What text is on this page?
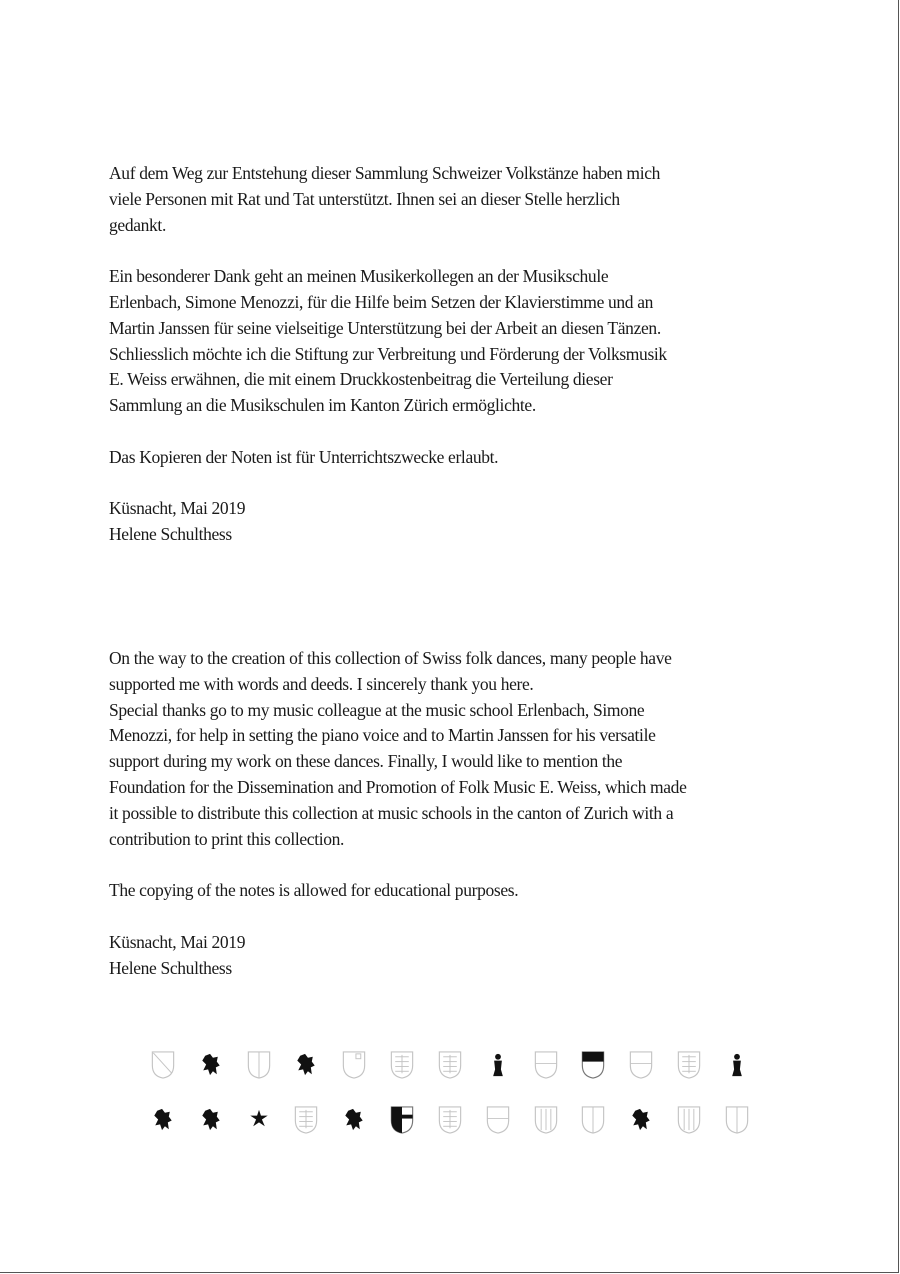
Auf dem Weg zur Entstehung dieser Sammlung Schweizer Volkstänze haben mich
viele Personen mit Rat und Tat unterstützt. Ihnen sei an dieser Stelle herzlich
gedankt.

Ein besonderer Dank geht an meinen Musikerkollegen an der Musikschule
Erlenbach, Simone Menozzi, für die Hilfe beim Setzen der Klavierstimme und an
Martin Janssen für seine vielseitige Unterstützung bei der Arbeit an diesen Tänzen.
Schliesslich möchte ich die Stiftung zur Verbreitung und Förderung der Volksmusik
E. Weiss erwähnen, die mit einem Druckkostenbeitrag die Verteilung dieser
Sammlung an die Musikschulen im Kanton Zürich ermöglichte.

Das Kopieren der Noten ist für Unterrichtszwecke erlaubt.

Küsnacht, Mai 2019

Helene Schulthess

On the way to the creation of this collection of Swiss folk dances, many people have
supported me with words and deeds. I sincerely thank you here.
Special thanks go to my music colleague at the music school Erlenbach, Simone
Menozzi, for help in setting the piano voice and to Martin Janssen for his versatile
support during my work on these dances. Finally, I would like to mention the
Foundation for the Dissemination and Promotion of Folk Music E. Weiss, which made
it possible to distribute this collection at music schools in the canton of Zurich with a
contribution to print this collection.

The copying of the notes is allowed for educational purposes.

Küsnacht, Mai 2019

Helene Schulthess
